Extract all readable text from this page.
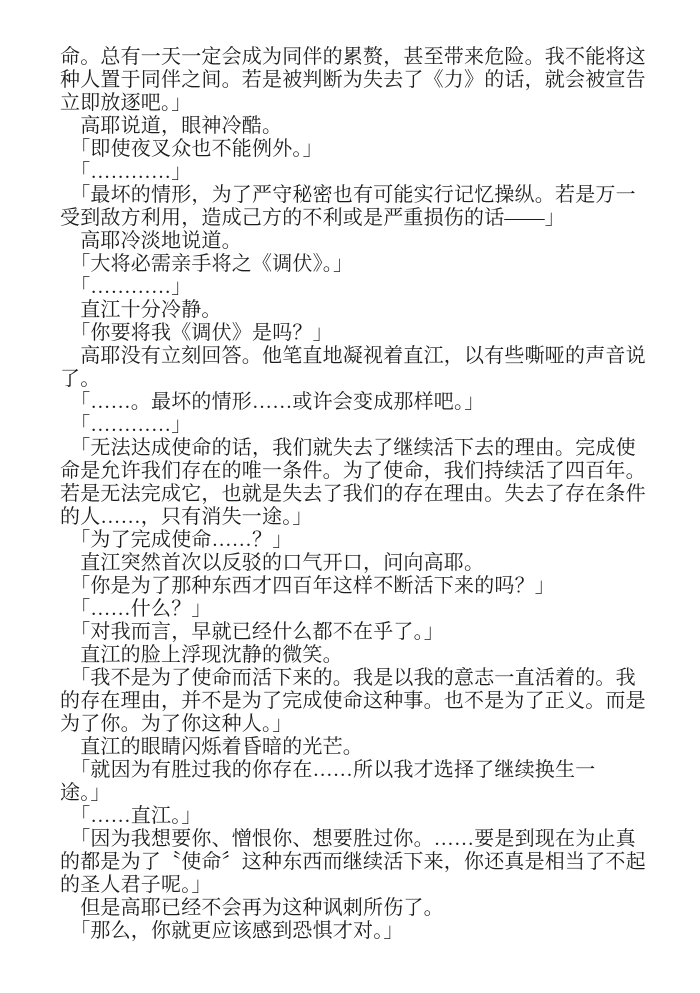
命。总有一天一定会成为同伴的累赘，甚至带来危险。我不能将这
种人置于同伴之间。若是被判断为失去了《力》的话，就会被宣告
立即放逐吧。」
　高耶说道，眼神冷酷。
　「即使夜叉众也不能例外。」
　「…………」
　「最坏的情形，为了严守秘密也有可能实行记忆操纵。若是万一
受到敌方利用，造成己方的不利或是严重损伤的话——」
　高耶冷淡地说道。
　「大将必需亲手将之《调伏》。」
　「…………」
　直江十分冷静。
　「你要将我《调伏》是吗？」
　高耶没有立刻回答。他笔直地凝视着直江，以有些嘶哑的声音说
了。
　「……。最坏的情形……或许会变成那样吧。」
　「…………」
　「无法达成使命的话，我们就失去了继续活下去的理由。完成使
命是允许我们存在的唯一条件。为了使命，我们持续活了四百年。
若是无法完成它，也就是失去了我们的存在理由。失去了存在条件
的人……，只有消失一途。」
　「为了完成使命……？」
　直江突然首次以反驳的口气开口，问向高耶。
　「你是为了那种东西才四百年这样不断活下来的吗？」
　「……什么？」
　「对我而言，早就已经什么都不在乎了。」
　直江的脸上浮现沈静的微笑。
　「我不是为了使命而活下来的。我是以我的意志一直活着的。我
的存在理由，并不是为了完成使命这种事。也不是为了正义。而是
为了你。为了你这种人。」
　直江的眼睛闪烁着昏暗的光芒。
　「就因为有胜过我的你存在……所以我才选择了继续换生一
途。」
　「……直江。」
　「因为我想要你、憎恨你、想要胜过你。……要是到现在为止真
的都是为了〝使命〞这种东西而继续活下来，你还真是相当了不起
的圣人君子呢。」
　但是高耶已经不会再为这种讽刺所伤了。
　「那么，你就更应该感到恐惧才对。」
